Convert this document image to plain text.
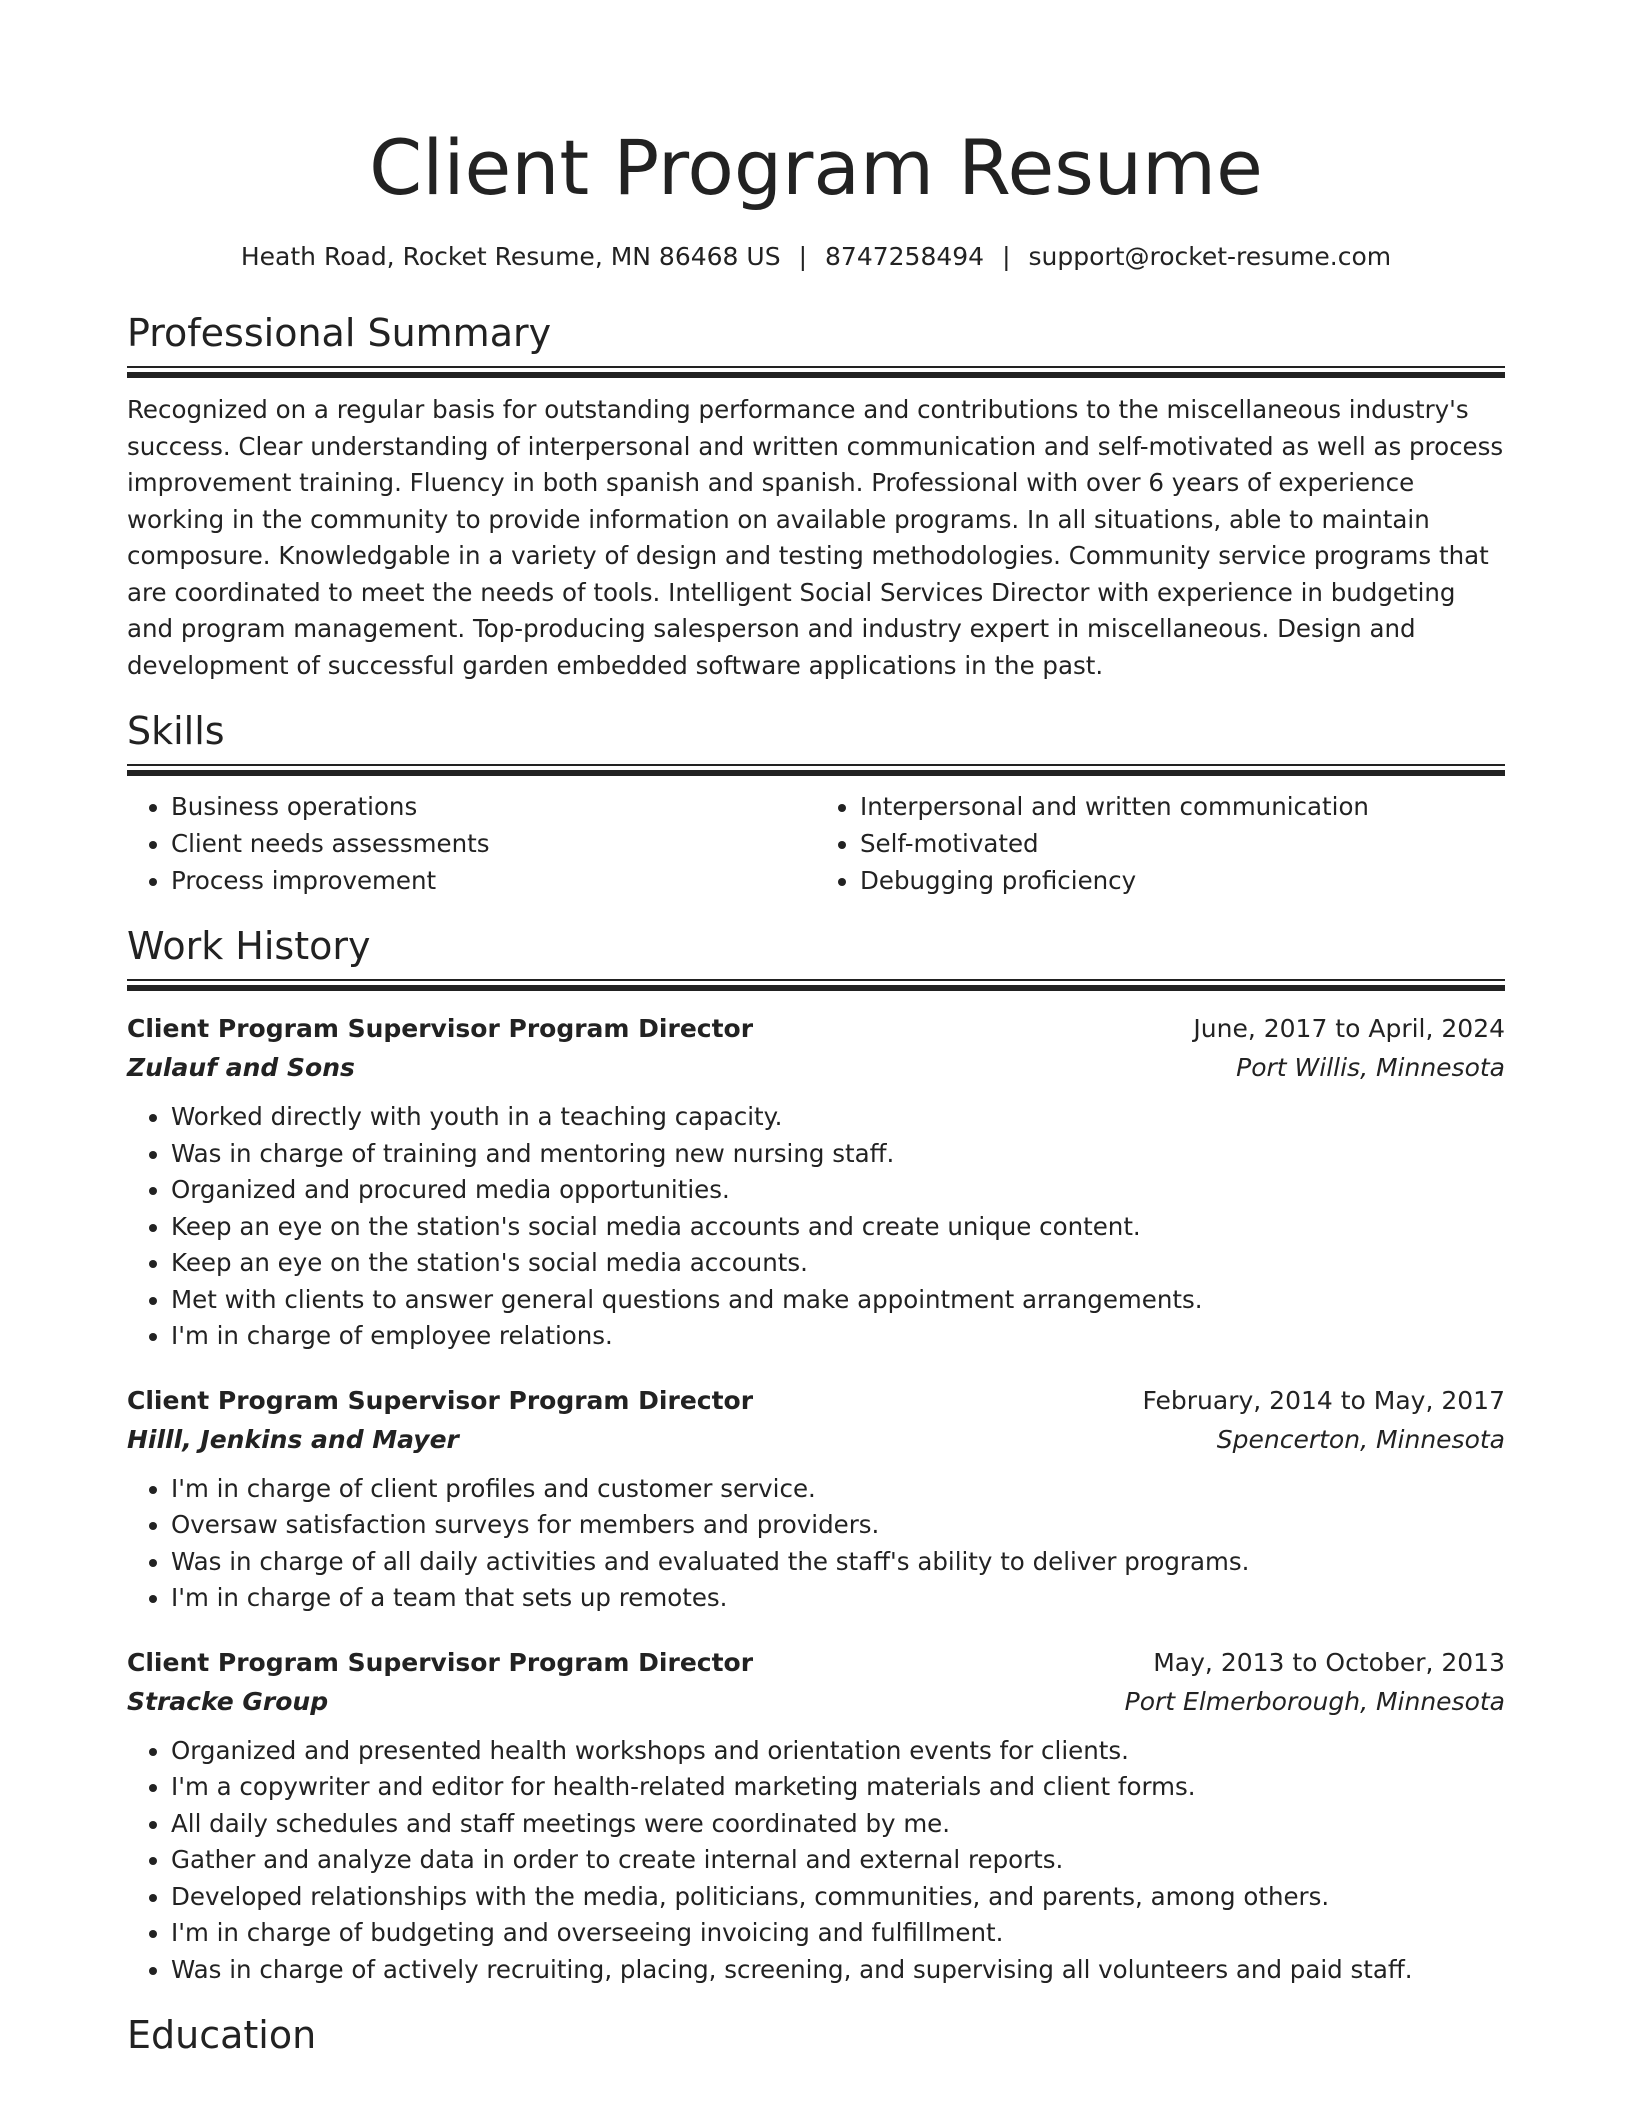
Client Program Resume
Heath Road, Rocket Resume, MN 86468 US | 8747258494 | support@rocket-resume.com
Professional Summary

Recognized on a regular basis for outstanding performance and contributions to the miscellaneous industry's success. Clear understanding of interpersonal and written communication and self-motivated as well as process improvement training. Fluency in both spanish and spanish. Professional with over 6 years of experience working in the community to provide information on available programs. In all situations, able to maintain composure. Knowledgable in a variety of design and testing methodologies. Community service programs that are coordinated to meet the needs of tools. Intelligent Social Services Director with experience in budgeting and program management. Top-producing salesperson and industry expert in miscellaneous. Design and development of successful garden embedded software applications in the past.

Skills
• Business operations
• Client needs assessments
• Process improvement
• Interpersonal and written communication
• Self-motivated
• Debugging proficiency
Work History
Client Program Supervisor Program Director	June, 2017 to April, 2024
Zulauf and Sons	Port Willis, Minnesota
• Worked directly with youth in a teaching capacity.
• Was in charge of training and mentoring new nursing staff.
• Organized and procured media opportunities.
• Keep an eye on the station's social media accounts and create unique content.
• Keep an eye on the station's social media accounts.
• Met with clients to answer general questions and make appointment arrangements.
• I'm in charge of employee relations.
Client Program Supervisor Program Director	February, 2014 to May, 2017
Hilll, Jenkins and Mayer	Spencerton, Minnesota
• I'm in charge of client profiles and customer service.
• Oversaw satisfaction surveys for members and providers.
• Was in charge of all daily activities and evaluated the staff's ability to deliver programs.
• I'm in charge of a team that sets up remotes.
Client Program Supervisor Program Director	May, 2013 to October, 2013
Stracke Group	Port Elmerborough, Minnesota
• Organized and presented health workshops and orientation events for clients.
• I'm a copywriter and editor for health-related marketing materials and client forms.
• All daily schedules and staff meetings were coordinated by me.
• Gather and analyze data in order to create internal and external reports.
• Developed relationships with the media, politicians, communities, and parents, among others.
• I'm in charge of budgeting and overseeing invoicing and fulfillment.
• Was in charge of actively recruiting, placing, screening, and supervising all volunteers and paid staff.
Education
